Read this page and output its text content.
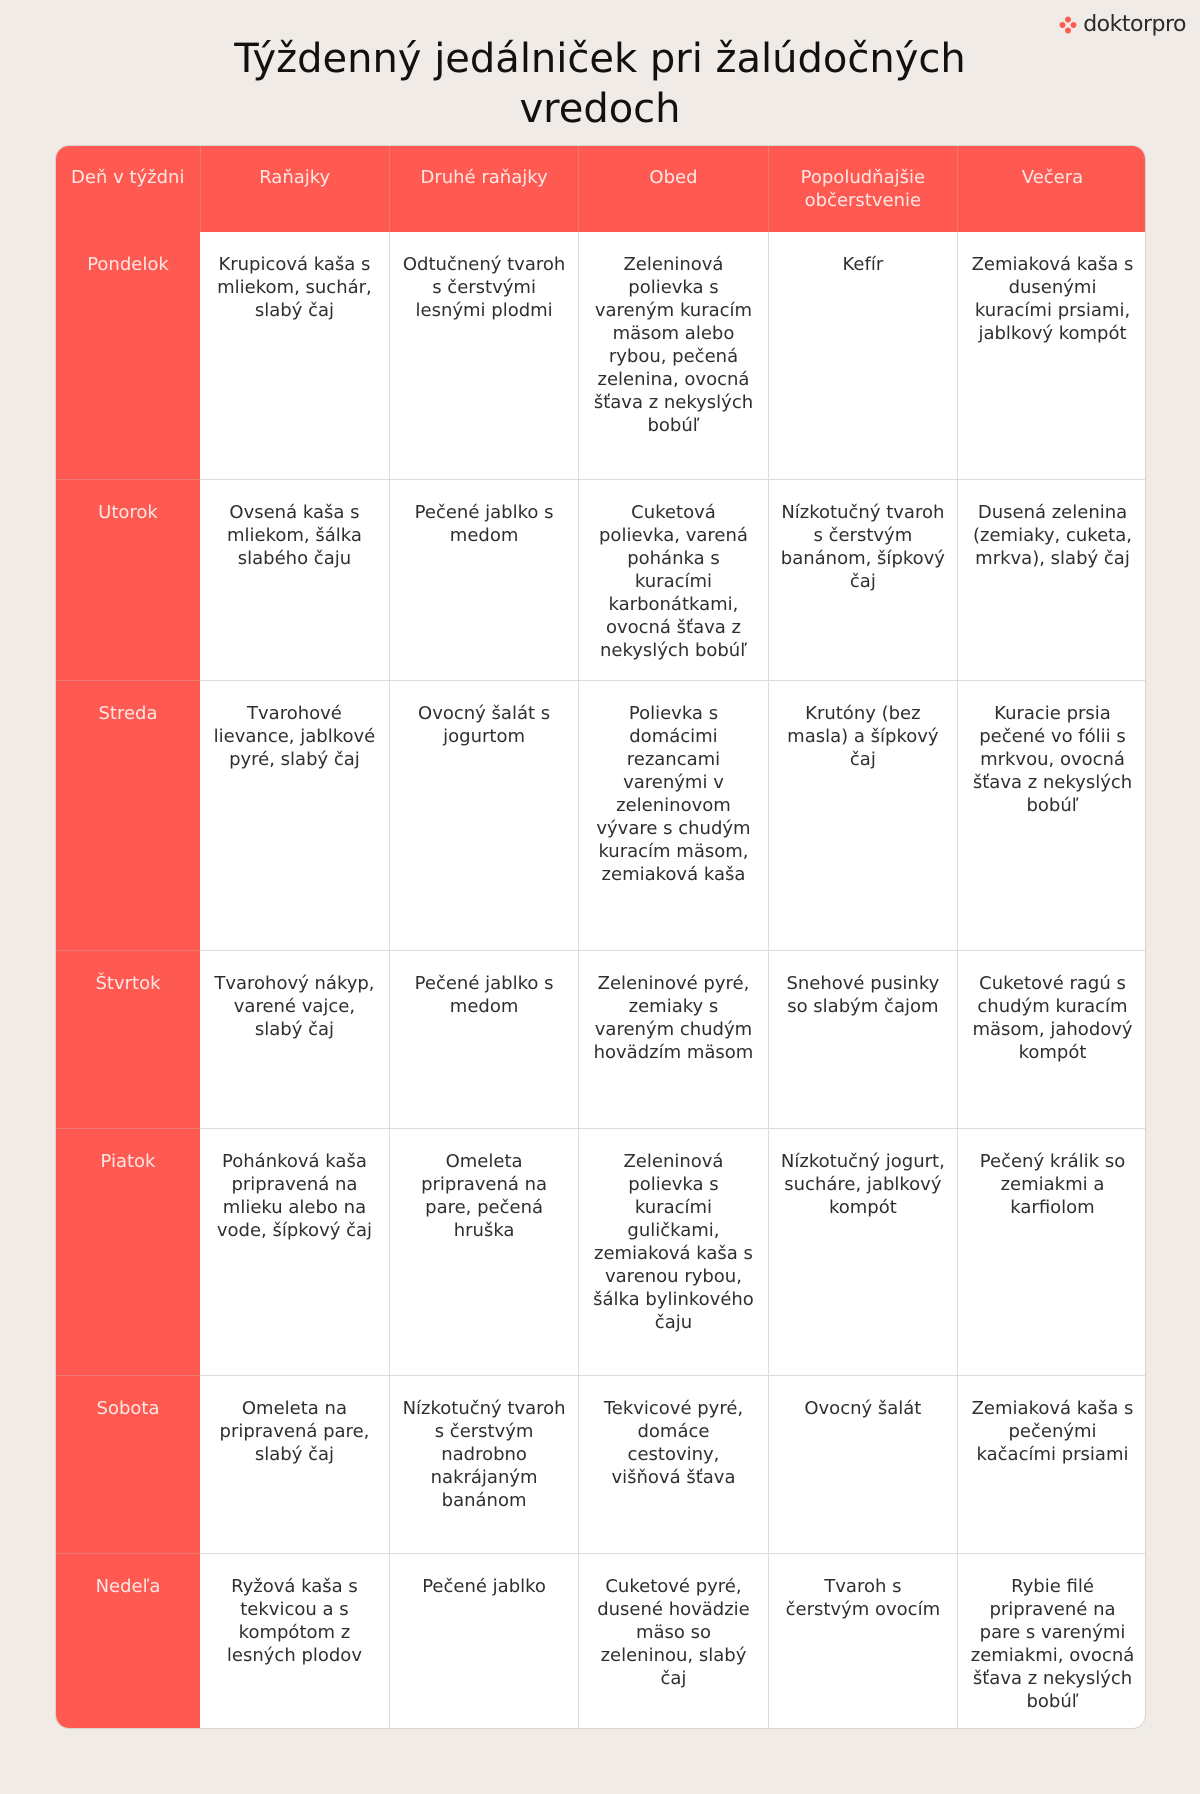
doktorpro
Týždenný jedálniček pri žalúdočných vredoch
Deň v týždni	Raňajky	Druhé raňajky	Obed	Popoludňajšie občerstvenie	Večera
Pondelok	Krupicová kaša s mliekom, suchár, slabý čaj	Odtučnený tvaroh s čerstvými lesnými plodmi	Zeleninová polievka s vareným kuracím mäsom alebo rybou, pečená zelenina, ovocná šťava z nekyslých bobúľ	Kefír	Zemiaková kaša s dusenými kuracími prsiami, jablkový kompót
Utorok	Ovsená kaša s mliekom, šálka slabého čaju	Pečené jablko s medom	Cuketová polievka, varená pohánka s kuracími karbonátkami, ovocná šťava z nekyslých bobúľ	Nízkotučný tvaroh s čerstvým banánom, šípkový čaj	Dusená zelenina (zemiaky, cuketa, mrkva), slabý čaj
Streda	Tvarohové lievance, jablkové pyré, slabý čaj	Ovocný šalát s jogurtom	Polievka s domácimi rezancami varenými v zeleninovom vývare s chudým kuracím mäsom, zemiaková kaša	Krutóny (bez masla) a šípkový čaj	Kuracie prsia pečené vo fólii s mrkvou, ovocná šťava z nekyslých bobúľ
Štvrtok	Tvarohový nákyp, varené vajce, slabý čaj	Pečené jablko s medom	Zeleninové pyré, zemiaky s vareným chudým hovädzím mäsom	Snehové pusinky so slabým čajom	Cuketové ragú s chudým kuracím mäsom, jahodový kompót
Piatok	Pohánková kaša pripravená na mlieku alebo na vode, šípkový čaj	Omeleta pripravená na pare, pečená hruška	Zeleninová polievka s kuracími guličkami, zemiaková kaša s varenou rybou, šálka bylinkového čaju	Nízkotučný jogurt, sucháre, jablkový kompót	Pečený králik so zemiakmi a karfiolom
Sobota	Omeleta na pripravená pare, slabý čaj	Nízkotučný tvaroh s čerstvým nadrobno nakrájaným banánom	Tekvicové pyré, domáce cestoviny, višňová šťava	Ovocný šalát	Zemiaková kaša s pečenými kačacími prsiami
Nedeľa	Ryžová kaša s tekvicou a s kompótom z lesných plodov	Pečené jablko	Cuketové pyré, dusené hovädzie mäso so zeleninou, slabý čaj	Tvaroh s čerstvým ovocím	Rybie filé pripravené na pare s varenými zemiakmi, ovocná šťava z nekyslých bobúľ
